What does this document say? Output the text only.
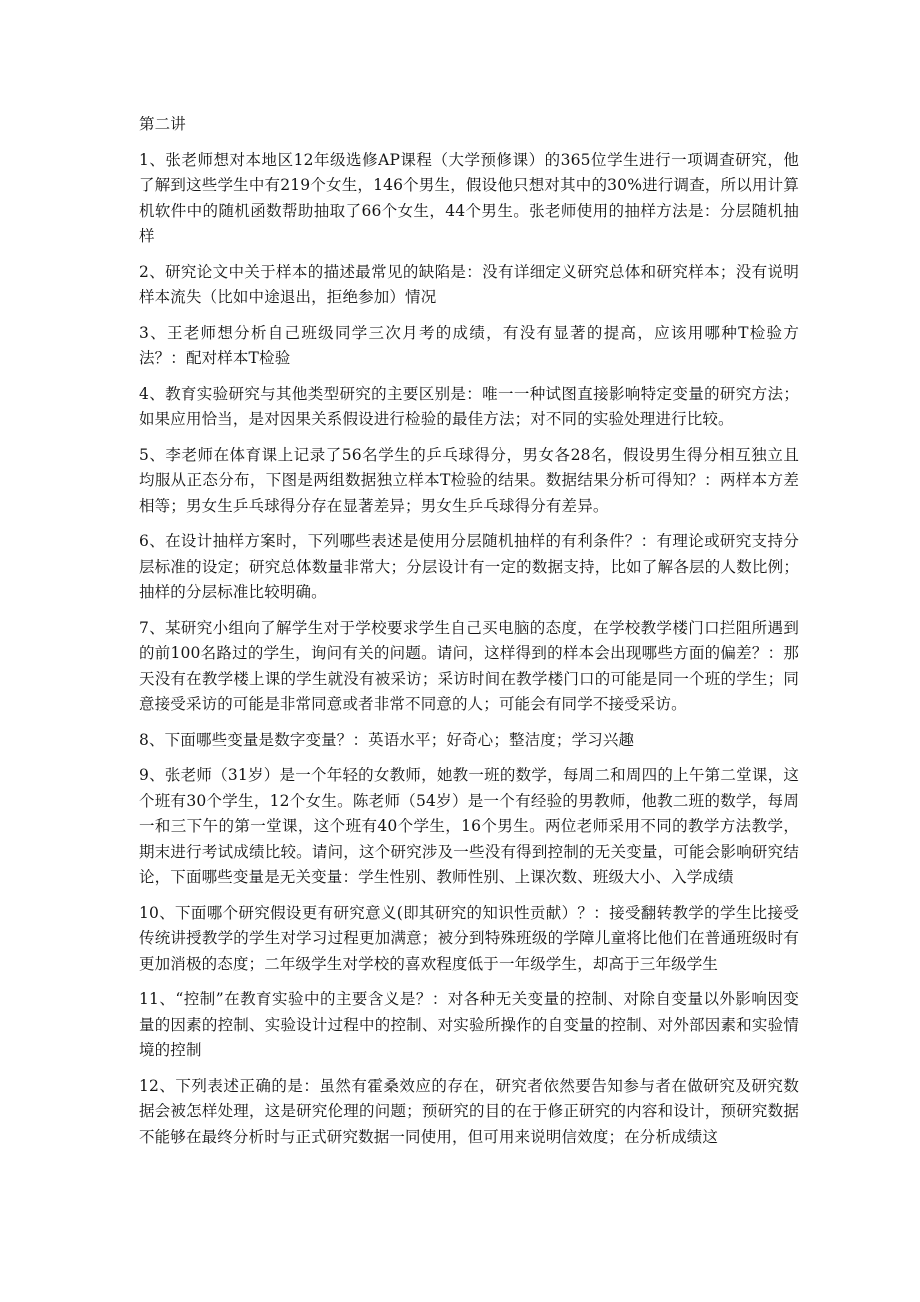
第二讲
1、张老师想对本地区12年级选修AP课程（大学预修课）的365位学生进行一项调查研究，他了解到这些学生中有219个女生，146个男生，假设他只想对其中的30%进行调查，所以用计算机软件中的随机函数帮助抽取了66个女生，44个男生。张老师使用的抽样方法是：分层随机抽样
2、研究论文中关于样本的描述最常见的缺陷是：没有详细定义研究总体和研究样本；没有说明样本流失（比如中途退出，拒绝参加）情况
3、王老师想分析自己班级同学三次月考的成绩，有没有显著的提高，应该用哪种T检验方法？：配对样本T检验
4、教育实验研究与其他类型研究的主要区别是：唯一一种试图直接影响特定变量的研究方法；如果应用恰当，是对因果关系假设进行检验的最佳方法；对不同的实验处理进行比较。
5、李老师在体育课上记录了56名学生的乒乓球得分，男女各28名，假设男生得分相互独立且均服从正态分布，下图是两组数据独立样本T检验的结果。数据结果分析可得知？：两样本方差相等；男女生乒乓球得分存在显著差异；男女生乒乓球得分有差异。
6、在设计抽样方案时，下列哪些表述是使用分层随机抽样的有利条件？：有理论或研究支持分层标准的设定；研究总体数量非常大；分层设计有一定的数据支持，比如了解各层的人数比例；抽样的分层标准比较明确。
7、某研究小组向了解学生对于学校要求学生自己买电脑的态度，在学校教学楼门口拦阻所遇到的前100名路过的学生，询问有关的问题。请问，这样得到的样本会出现哪些方面的偏差？：那天没有在教学楼上课的学生就没有被采访；采访时间在教学楼门口的可能是同一个班的学生；同意接受采访的可能是非常同意或者非常不同意的人；可能会有同学不接受采访。
8、下面哪些变量是数字变量？：英语水平；好奇心；整洁度；学习兴趣
9、张老师（31岁）是一个年轻的女教师，她教一班的数学，每周二和周四的上午第二堂课，这个班有30个学生，12个女生。陈老师（54岁）是一个有经验的男教师，他教二班的数学，每周一和三下午的第一堂课，这个班有40个学生，16个男生。两位老师采用不同的教学方法教学，期末进行考试成绩比较。请问，这个研究涉及一些没有得到控制的无关变量，可能会影响研究结论，下面哪些变量是无关变量：学生性别、教师性别、上课次数、班级大小、入学成绩
10、下面哪个研究假设更有研究意义(即其研究的知识性贡献）？：接受翻转教学的学生比接受传统讲授教学的学生对学习过程更加满意；被分到特殊班级的学障儿童将比他们在普通班级时有更加消极的态度；二年级学生对学校的喜欢程度低于一年级学生，却高于三年级学生
11、“控制”在教育实验中的主要含义是？：对各种无关变量的控制、对除自变量以外影响因变量的因素的控制、实验设计过程中的控制、对实验所操作的自变量的控制、对外部因素和实验情境的控制
12、下列表述正确的是：虽然有霍桑效应的存在，研究者依然要告知参与者在做研究及研究数据会被怎样处理，这是研究伦理的问题；预研究的目的在于修正研究的内容和设计，预研究数据不能够在最终分析时与正式研究数据一同使用，但可用来说明信效度；在分析成绩这
